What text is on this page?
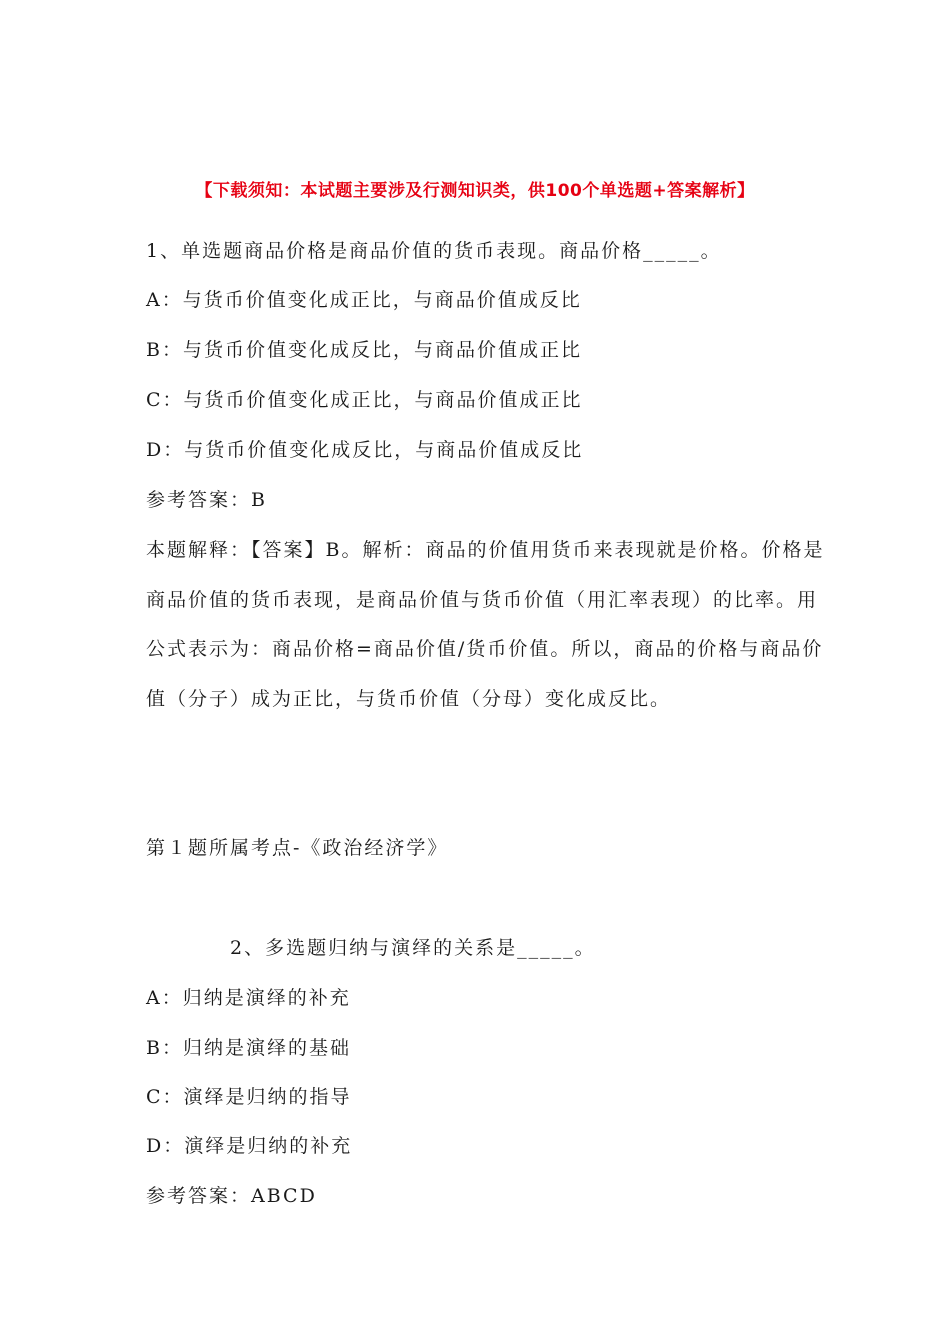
【下载须知：本试题主要涉及行测知识类，供100个单选题+答案解析】
1、单选题商品价格是商品价值的货币表现。商品价格_____。
A：与货币价值变化成正比，与商品价值成反比
B：与货币价值变化成反比，与商品价值成正比
C：与货币价值变化成正比，与商品价值成正比
D：与货币价值变化成反比，与商品价值成反比
参考答案：B
本题解释：【答案】B。解析：商品的价值用货币来表现就是价格。价格是商品价值的货币表现，是商品价值与货币价值（用汇率表现）的比率。用公式表示为：商品价格=商品价值/货币价值。所以，商品的价格与商品价值（分子）成为正比，与货币价值（分母）变化成反比。
第１题所属考点-《政治经济学》
2、多选题归纳与演绎的关系是_____。
A：归纳是演绎的补充
B：归纳是演绎的基础
C：演绎是归纳的指导
D：演绎是归纳的补充
参考答案：ABCD
